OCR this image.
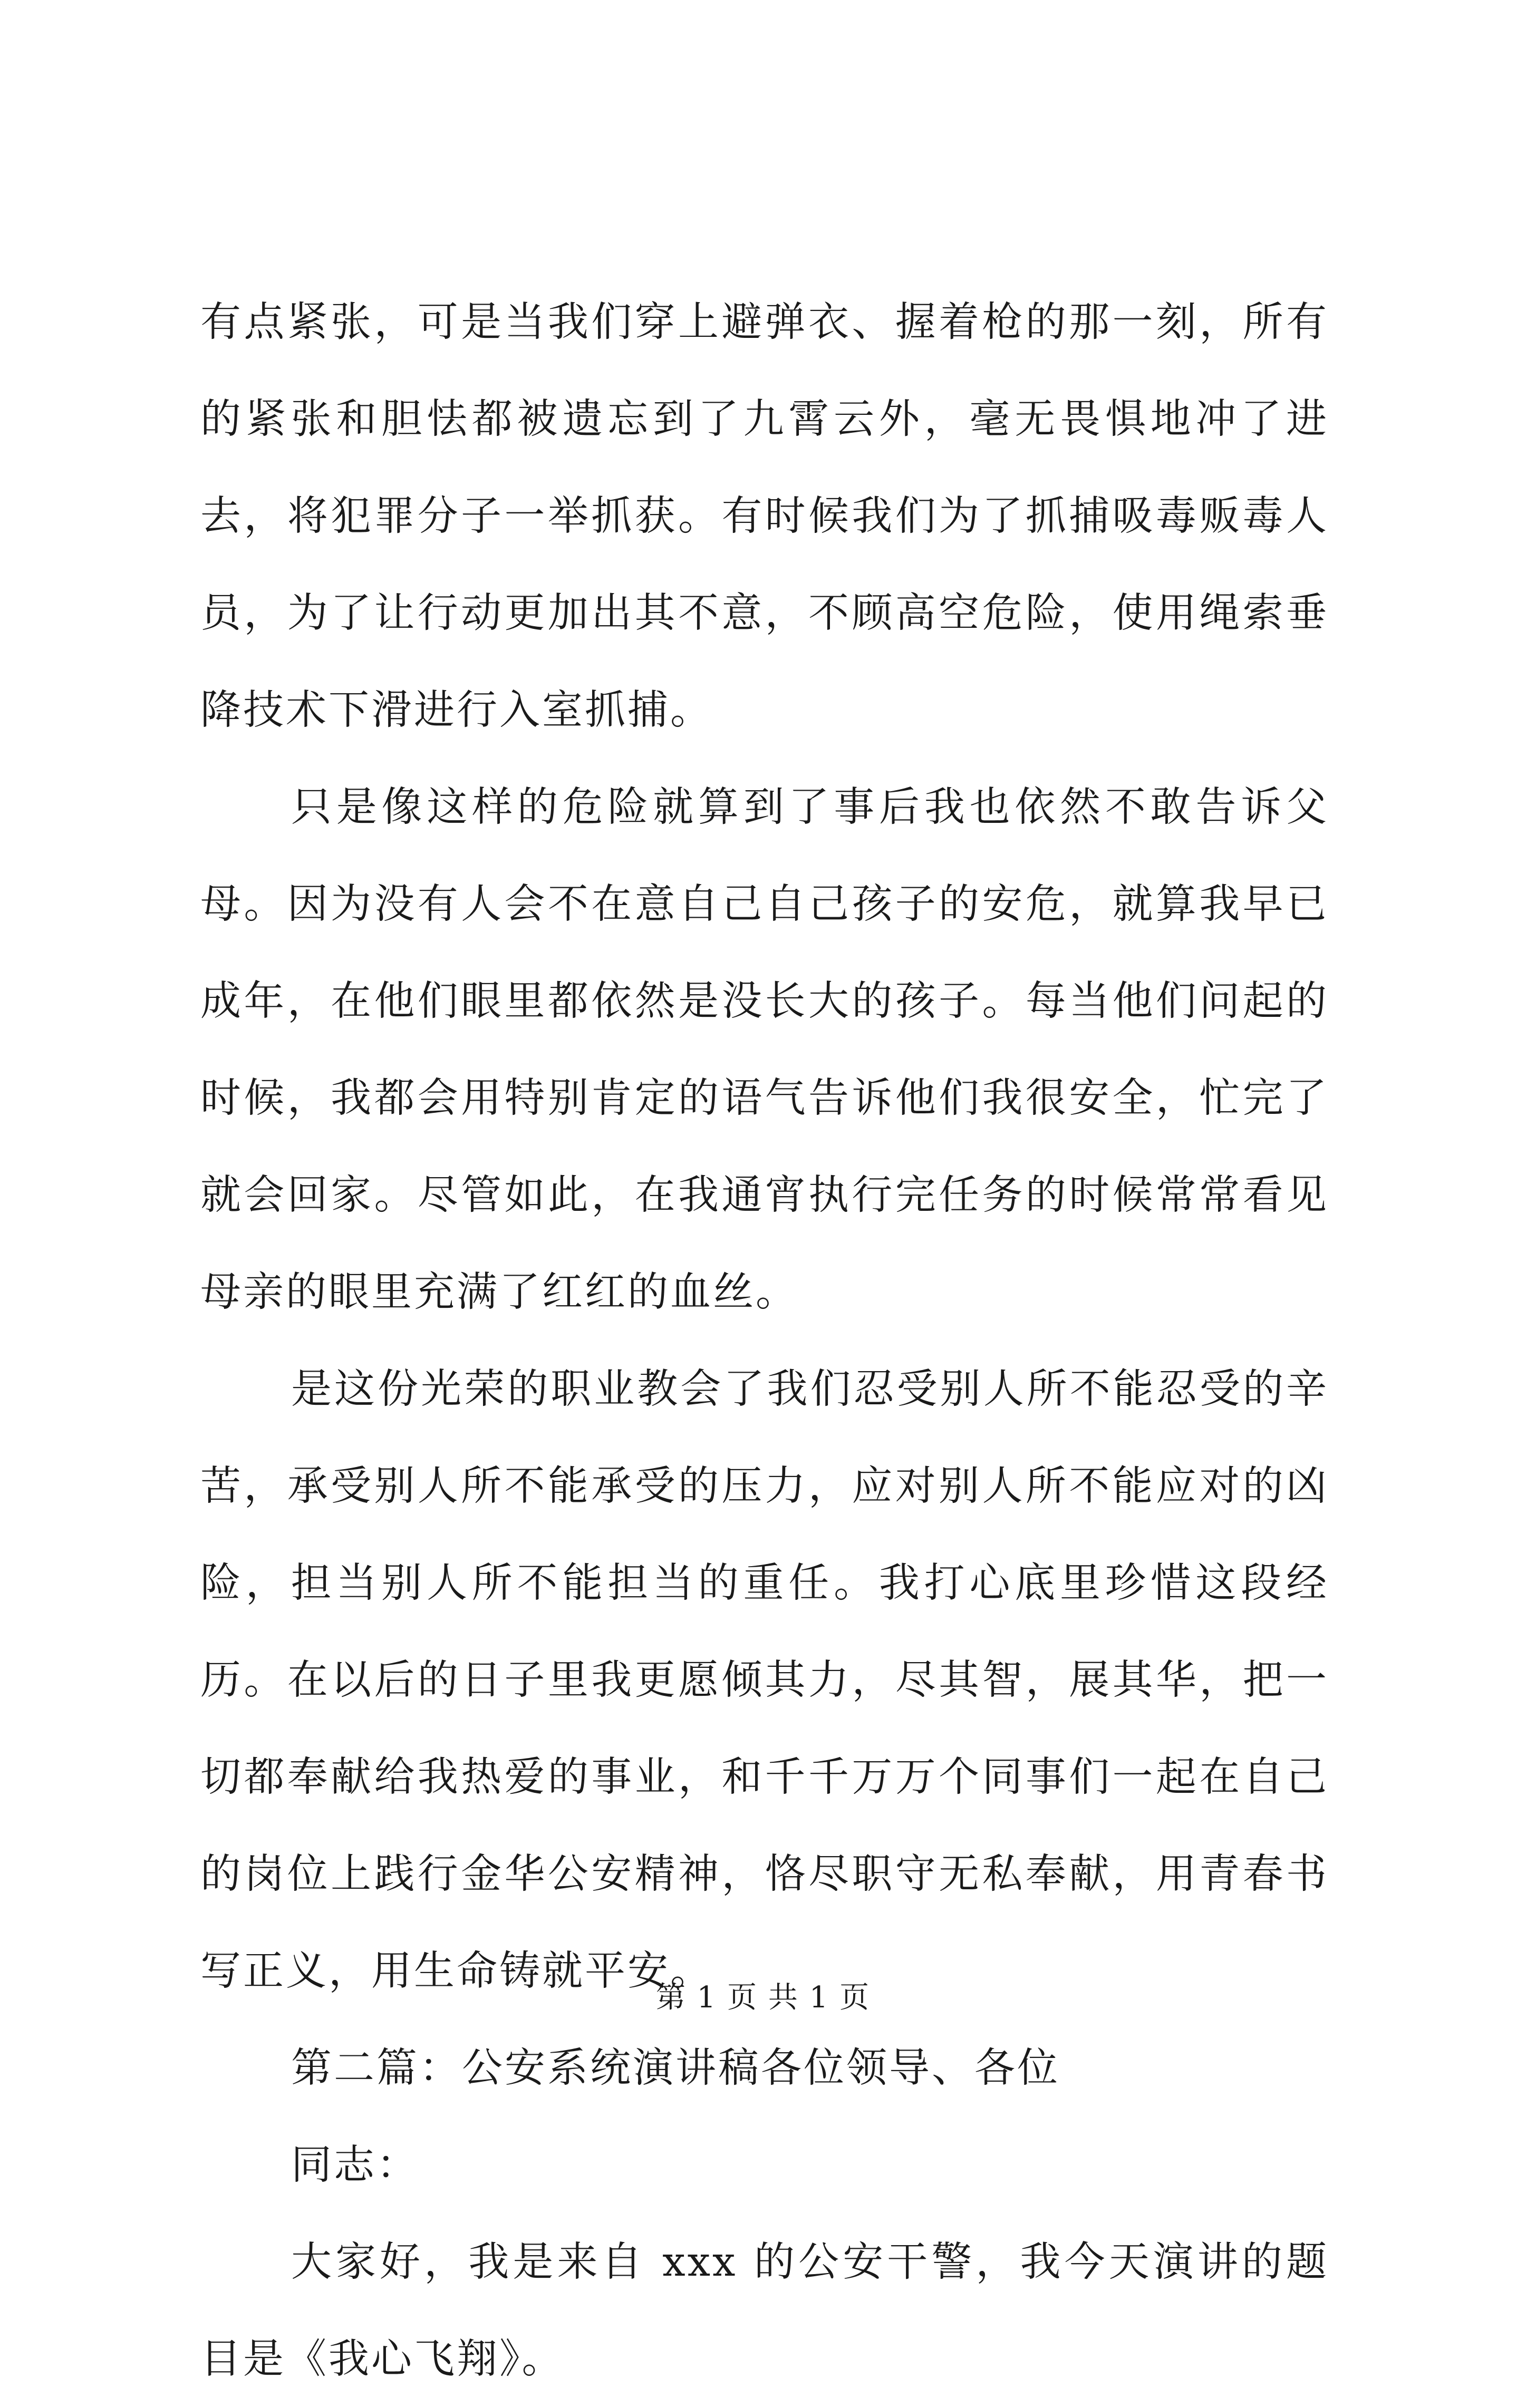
有点紧张，可是当我们穿上避弹衣、握着枪的那一刻，所有的紧张和胆怯都被遗忘到了九霄云外，毫无畏惧地冲了进去，将犯罪分子一举抓获。有时候我们为了抓捕吸毒贩毒人员，为了让行动更加出其不意，不顾高空危险，使用绳索垂降技术下滑进行入室抓捕。

只是像这样的危险就算到了事后我也依然不敢告诉父母。因为没有人会不在意自己自己孩子的安危，就算我早已成年，在他们眼里都依然是没长大的孩子。每当他们问起的时候，我都会用特别肯定的语气告诉他们我很安全，忙完了就会回家。尽管如此，在我通宵执行完任务的时候常常看见母亲的眼里充满了红红的血丝。

是这份光荣的职业教会了我们忍受别人所不能忍受的辛苦，承受别人所不能承受的压力，应对别人所不能应对的凶险，担当别人所不能担当的重任。我打心底里珍惜这段经历。在以后的日子里我更愿倾其力，尽其智，展其华，把一切都奉献给我热爱的事业，和千千万万个同事们一起在自己的岗位上践行金华公安精神，恪尽职守无私奉献，用青春书写正义，用生命铸就平安。

第二篇：公安系统演讲稿各位领导、各位

同志：

大家好，我是来自 xxx 的公安干警，我今天演讲的题目是《我心飞翔》。

第 1 页 共 1 页
